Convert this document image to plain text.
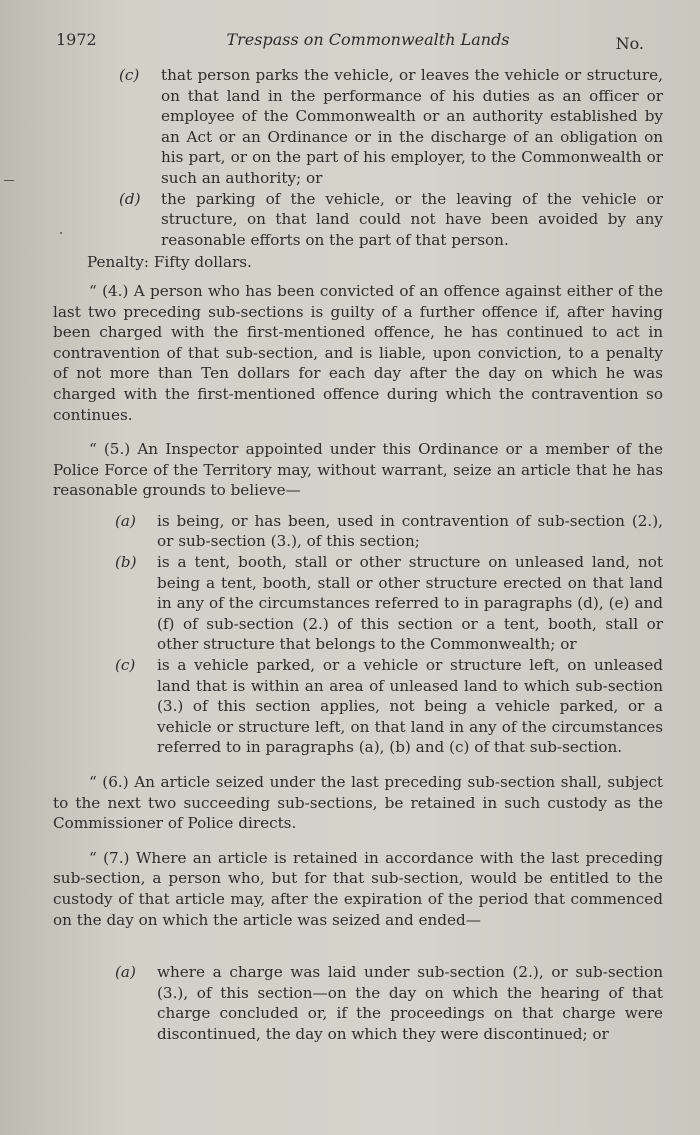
1972	Trespass on Commonwealth Lands	No.
(c) that person parks the vehicle, or leaves the vehicle or structure, on that land in the performance of his duties as an officer or employee of the Commonwealth or an authority established by an Act or an Ordinance or in the discharge of an obligation on his part, or on the part of his employer, to the Commonwealth or such an authority; or
(d) the parking of the vehicle, or the leaving of the vehicle or structure, on that land could not have been avoided by any reasonable efforts on the part of that person.
Penalty: Fifty dollars.

“ (4.) A person who has been convicted of an offence against either of the last two preceding sub-sections is guilty of a further offence if, after having been charged with the first-mentioned offence, he has continued to act in contravention of that sub-section, and is liable, upon conviction, to a penalty of not more than Ten dollars for each day after the day on which he was charged with the first-mentioned offence during which the contravention so continues.

“ (5.) An Inspector appointed under this Ordinance or a member of the Police Force of the Territory may, without warrant, seize an article that he has reasonable grounds to believe—

(a) is being, or has been, used in contravention of sub-section (2.), or sub-section (3.), of this section;
(b) is a tent, booth, stall or other structure on unleased land, not being a tent, booth, stall or other structure erected on that land in any of the circumstances referred to in paragraphs (d), (e) and (f) of sub-section (2.) of this section or a tent, booth, stall or other structure that belongs to the Commonwealth; or
(c) is a vehicle parked, or a vehicle or structure left, on unleased land that is within an area of unleased land to which sub-section (3.) of this section applies, not being a vehicle parked, or a vehicle or structure left, on that land in any of the circumstances referred to in paragraphs (a), (b) and (c) of that sub-section.

“ (6.) An article seized under the last preceding sub-section shall, subject to the next two succeeding sub-sections, be retained in such custody as the Commissioner of Police directs.

“ (7.) Where an article is retained in accordance with the last preceding sub-section, a person who, but for that sub-section, would be entitled to the custody of that article may, after the expiration of the period that commenced on the day on which the article was seized and ended—

(a) where a charge was laid under sub-section (2.), or sub-section (3.), of this section—on the day on which the hearing of that charge concluded or, if the proceedings on that charge were discontinued, the day on which they were discontinued; or
